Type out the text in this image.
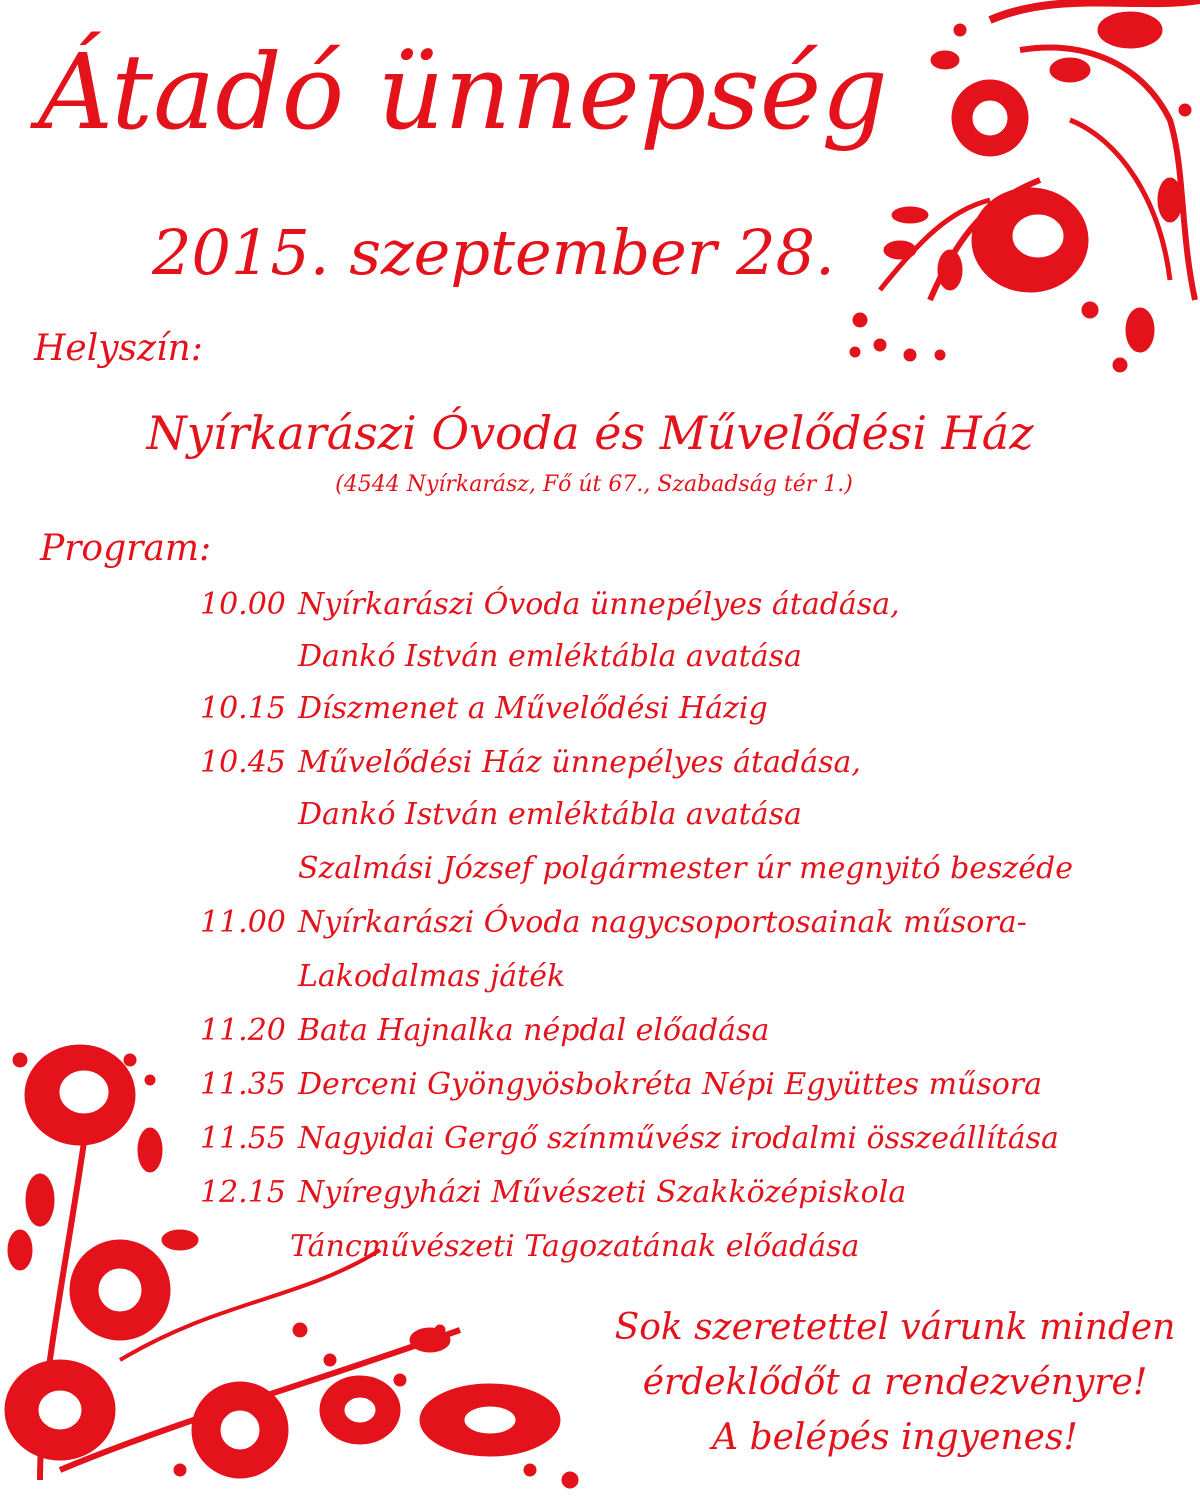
Átadó ünnepség
2015. szeptember 28.
Helyszín:
Nyírkarászi Óvoda és Művelődési Ház
(4544 Nyírkarász, Fő út 67., Szabadság tér 1.)
Program:
10.00 Nyírkarászi Óvoda ünnepélyes átadása,
Dankó István emléktábla avatása
10.15 Díszmenet a Művelődési Házig
10.45 Művelődési Ház ünnepélyes átadása,
Dankó István emléktábla avatása
Szalmási József polgármester úr megnyitó beszéde
11.00 Nyírkarászi Óvoda nagycsoportosainak műsora-
Lakodalmas játék
11.20 Bata Hajnalka népdal előadása
11.35 Derceni Gyöngyösbokréta Népi Együttes műsora
11.55 Nagyidai Gergő színművész irodalmi összeállítása
12.15 Nyíregyházi Művészeti Szakközépiskola
Táncművészeti Tagozatának előadása
Sok szeretettel várunk minden
érdeklődőt a rendezvényre!
A belépés ingyenes!
